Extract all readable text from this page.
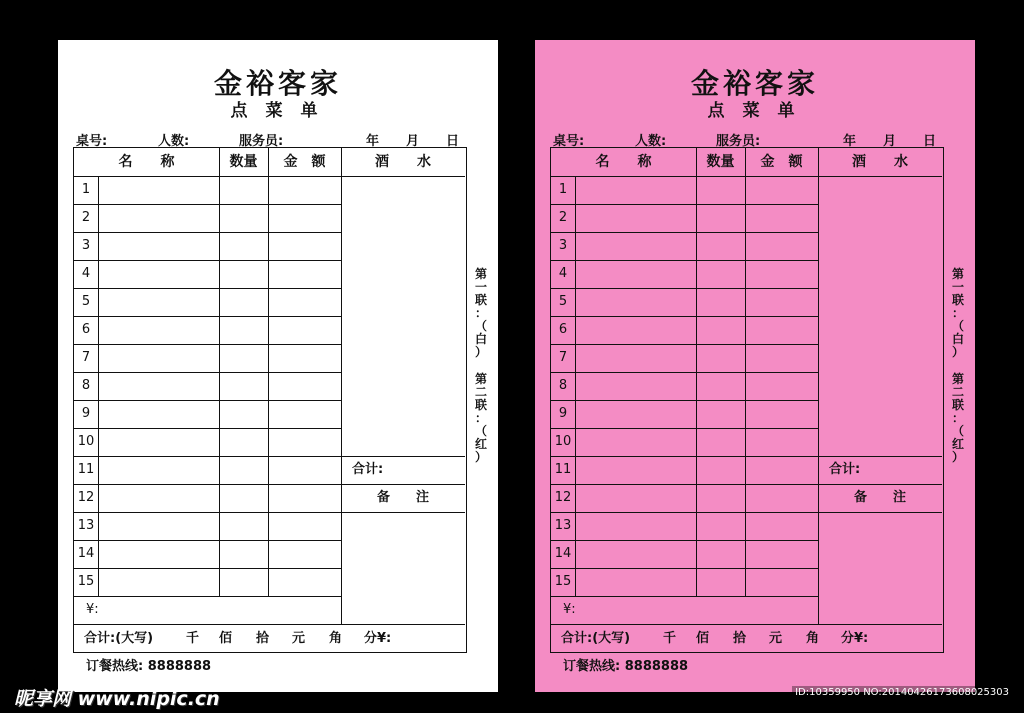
金裕客家
点菜单
桌号:	人数:	服务员:	年 月 日
名　　称	数量	金　额	酒　　水
1
2
3
4
5
6
7
8
9
10
11
12
13
14
15
合计:
备　　注
¥:
合计:(大写)	千 佰 拾 元 角 分¥:
第
一
联
：
（
白
）
第
二
联
：
（
红
）
订餐热线: 8888888
金裕客家
点菜单
桌号:	人数:	服务员:	年 月 日
名　　称	数量	金　额	酒　　水
1
2
3
4
5
6
7
8
9
10
11
12
13
14
15
合计:
备　　注
¥:
合计:(大写)	千 佰 拾 元 角 分¥:
第
一
联
：
（
白
）
第
二
联
：
（
红
）
订餐热线: 8888888
昵享网 www.nipic.cn	ID:10359950 NO:20140426173608025303
